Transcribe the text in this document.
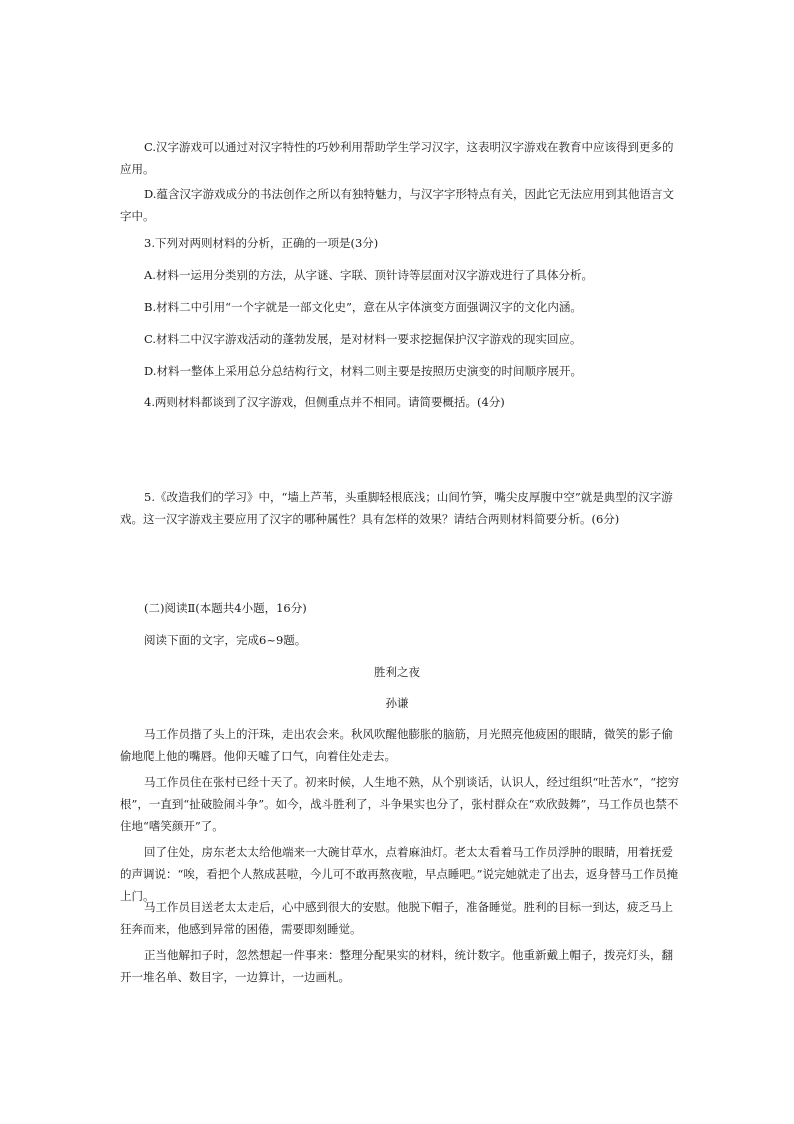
C.汉字游戏可以通过对汉字特性的巧妙利用帮助学生学习汉字，这表明汉字游戏在教育中应该得到更多的应用。

D.蕴含汉字游戏成分的书法创作之所以有独特魅力，与汉字字形特点有关，因此它无法应用到其他语言文字中。

3.下列对两则材料的分析，正确的一项是(3分)

A.材料一运用分类别的方法，从字谜、字联、顶针诗等层面对汉字游戏进行了具体分析。

B.材料二中引用“一个字就是一部文化史”，意在从字体演变方面强调汉字的文化内涵。

C.材料二中汉字游戏活动的蓬勃发展，是对材料一要求挖掘保护汉字游戏的现实回应。

D.材料一整体上采用总分总结构行文，材料二则主要是按照历史演变的时间顺序展开。

4.两则材料都谈到了汉字游戏，但侧重点并不相同。请简要概括。(4分)

5.《改造我们的学习》中，“墙上芦苇，头重脚轻根底浅；山间竹笋，嘴尖皮厚腹中空”就是典型的汉字游戏。这一汉字游戏主要应用了汉字的哪种属性？具有怎样的效果？请结合两则材料简要分析。(6分)

(二)阅读Ⅱ(本题共4小题，16分)

阅读下面的文字，完成6~9题。

胜利之夜
孙谦

马工作员揩了头上的汗珠，走出农会来。秋风吹醒他膨胀的脑筋，月光照亮他疲困的眼睛，微笑的影子偷偷地爬上他的嘴唇。他仰天嘘了口气，向着住处走去。

马工作员住在张村已经十天了。初来时候，人生地不熟，从个别谈话，认识人，经过组织“吐苦水”，“挖穷根”，一直到“扯破脸闹斗争”。如今，战斗胜利了，斗争果实也分了，张村群众在“欢欣鼓舞”，马工作员也禁不住地“嗜笑颜开”了。

回了住处，房东老太太给他端来一大碗甘草水，点着麻油灯。老太太看着马工作员浮肿的眼睛，用着抚爱的声调说：“唉，看把个人熬成甚啦，今儿可不敢再熬夜啦，早点睡吧。”说完她就走了出去，返身替马工作员掩上门。

马工作员目送老太太走后，心中感到很大的安慰。他脱下帽子，准备睡觉。胜利的目标一到达，疲乏马上狂奔而来，他感到异常的困倦，需要即刻睡觉。

正当他解扣子时，忽然想起一件事来：整理分配果实的材料，统计数字。他重新戴上帽子，拨亮灯头，翻开一堆名单、数目字，一边算计，一边画札。
